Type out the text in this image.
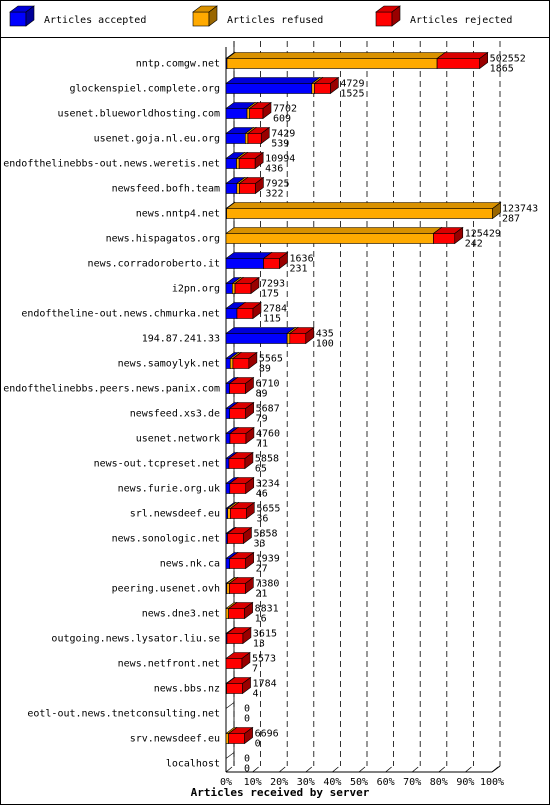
Articles accepted	Articles refused	Articles rejected
nntp.comgw.net
glockenspiel.complete.org
usenet.blueworldhosting.com
usenet.goja.nl.eu.org
endofthelinebbs-out.news.weretis.net
newsfeed.bofh.team
news.nntp4.net
news.hispagatos.org
news.corradoroberto.it
i2pn.org
endoftheline-out.news.chmurka.net
194.87.241.33
news.samoylyk.net
endofthelinebbs.peers.news.panix.com
newsfeed.xs3.de
usenet.network
news-out.tcpreset.net
news.furie.org.uk
srl.newsdeef.eu
news.sonologic.net
news.nk.ca
peering.usenet.ovh
news.dne3.net
outgoing.news.lysator.liu.se
news.netfront.net
news.bbs.nz
eotl-out.news.tnetconsulting.net
srv.newsdeef.eu
localhost
502552
1865
4729
1525
7702
609
7429
539
10994
436
7925
322
123743
287
125429
242
1636
231
7293
175
2784
115
435
100
5565
89
6710
89
5687
79
4760
71
5858
65
3234
46
5655
36
5858
33
1939
27
7380
21
8831
16
3615
13
5573
7
1784
4
0
0
6696
0
0
0
0% 10% 20% 30% 40% 50% 60% 70% 80% 90% 100%
Articles received by server
